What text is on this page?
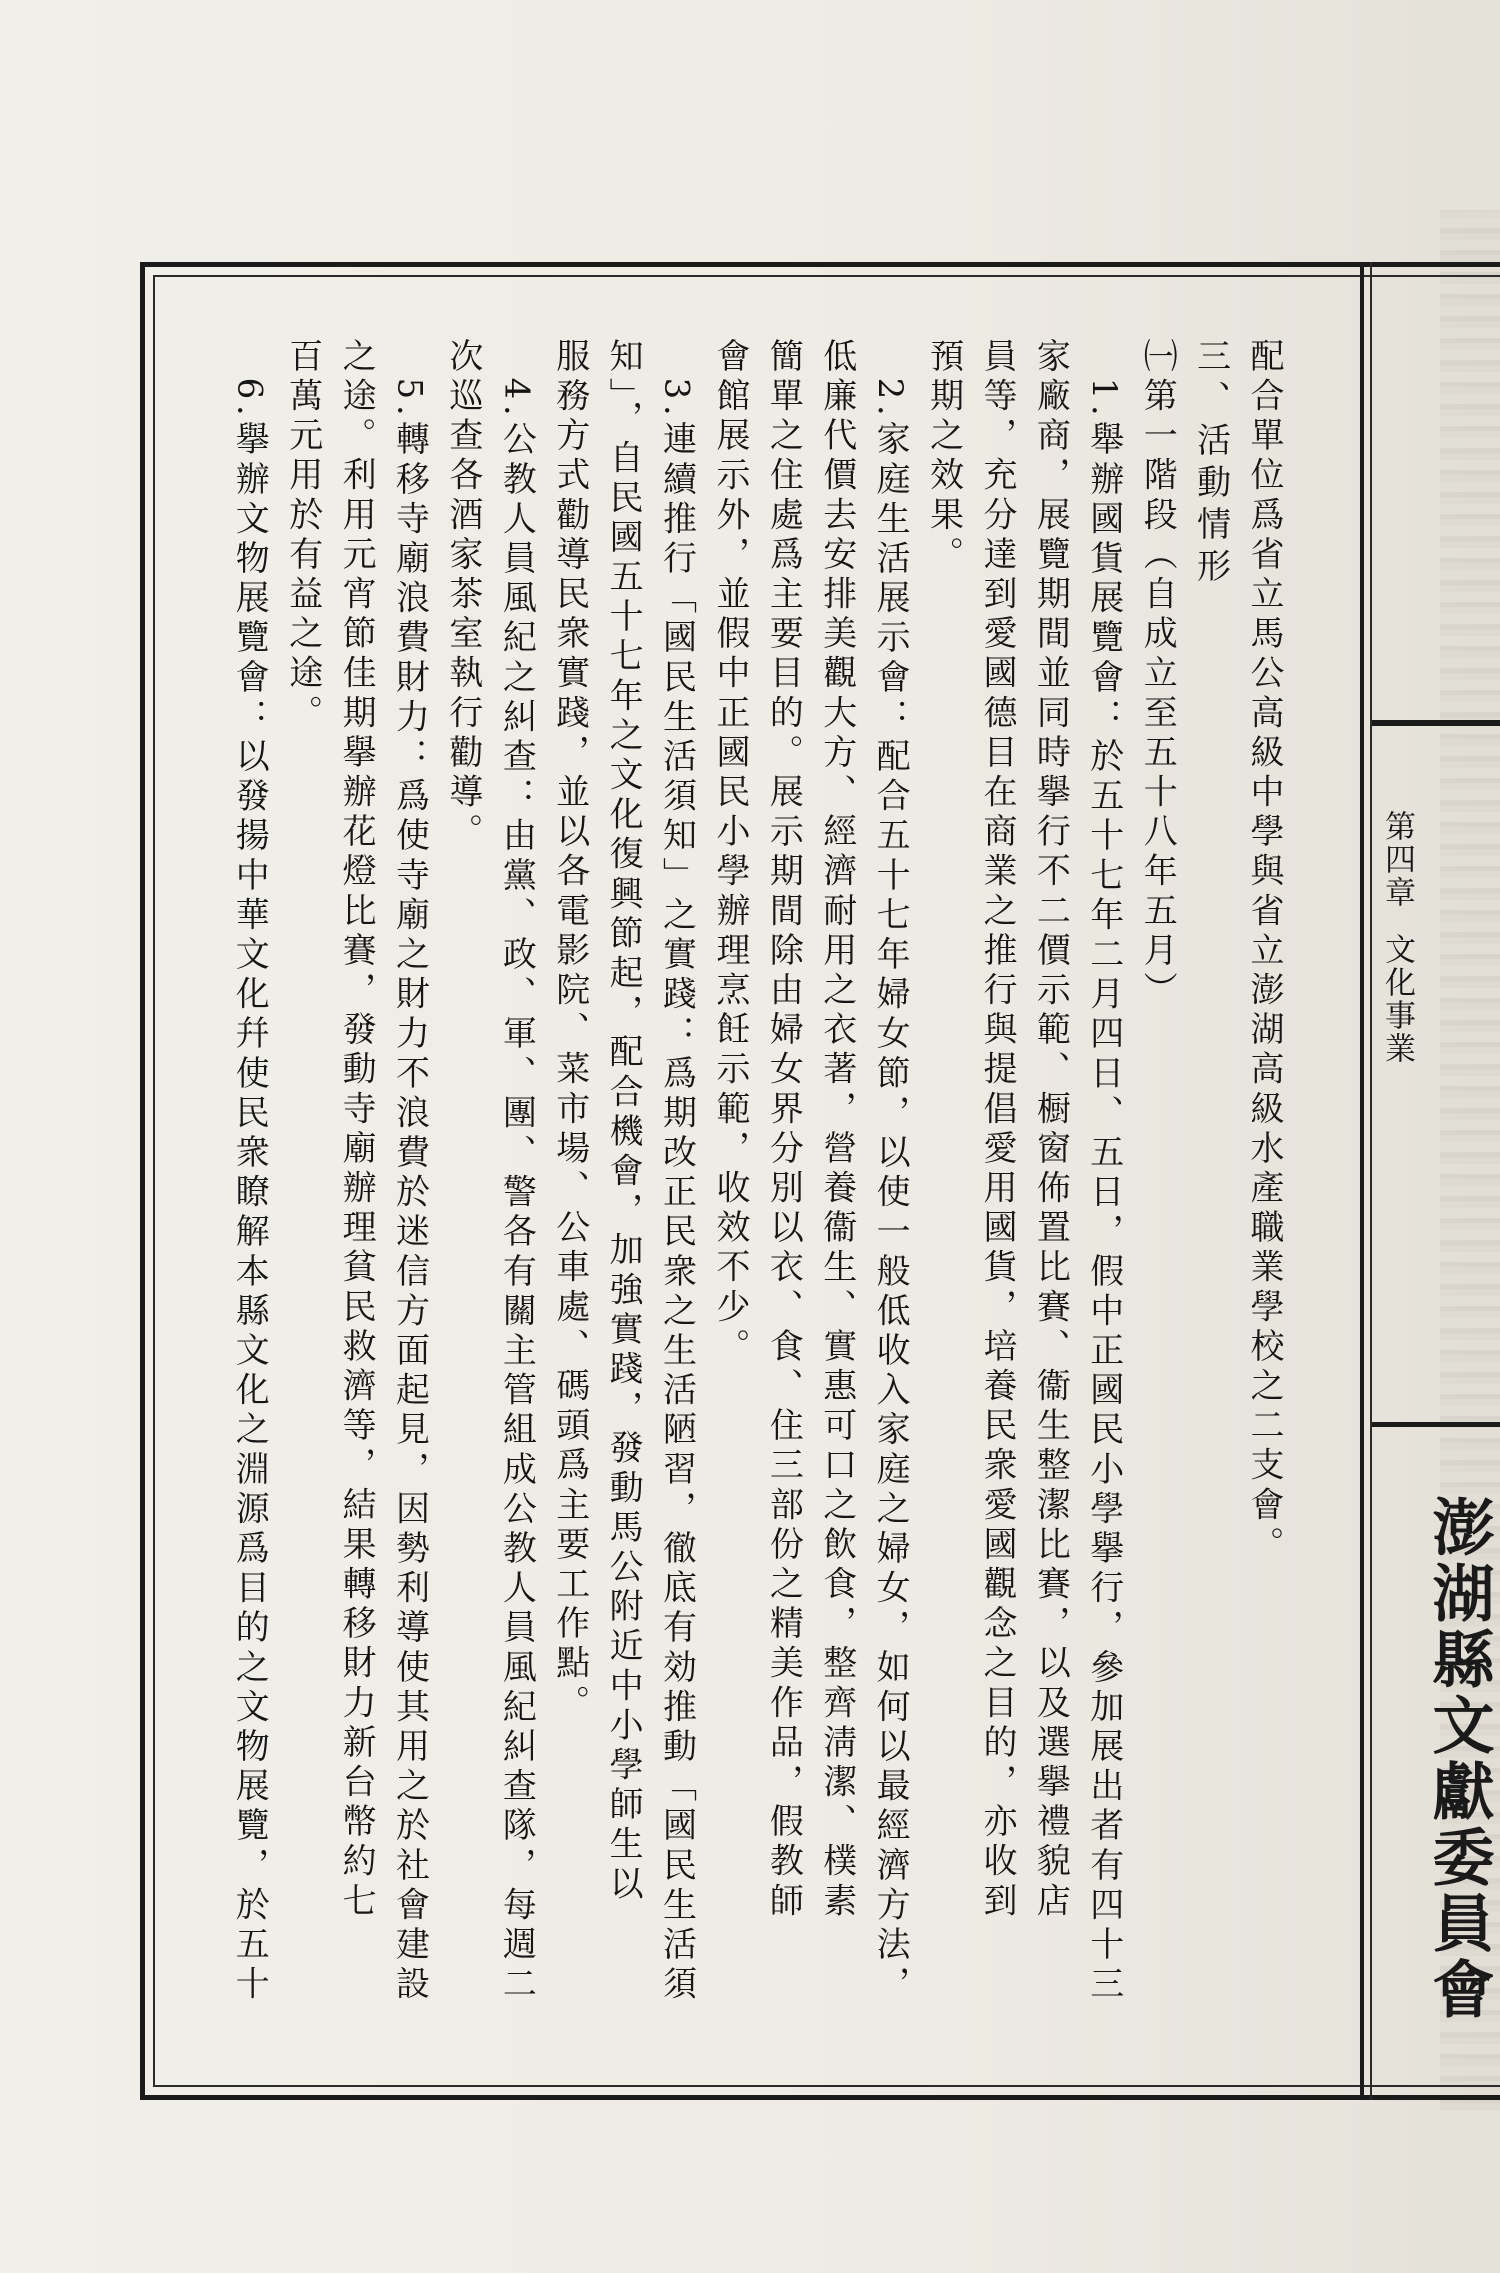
第四章文化事業
澎湖縣文獻委員會
配合單位爲省立馬公高級中學與省立澎湖高級水產職業學校之二支會。
三、活動情形
㈠第一階段（自成立至五十八年五月）
　1.舉辦國貨展覽會：於五十七年二月四日、五日，假中正國民小學擧行，參加展出者有四十三
家廠商，展覽期間並同時擧行不二價示範、橱窗佈置比賽、衞生整潔比賽，以及選擧禮貌店
員等，充分達到愛國德目在商業之推行與提倡愛用國貨，培養民衆愛國觀念之目的，亦收到
預期之效果。
　2.家庭生活展示會：配合五十七年婦女節，以使一般低收入家庭之婦女，如何以最經濟方法，
低廉代價去安排美觀大方、經濟耐用之衣著，營養衞生、實惠可口之飲食，整齊淸潔、樸素
簡單之住處爲主要目的。展示期間除由婦女界分別以衣、食、住三部份之精美作品，假教師
會館展示外，並假中正國民小學辦理烹飪示範，收效不少。
　3.連續推行「國民生活須知」之實踐：爲期改正民衆之生活陋習，徹底有効推動「國民生活須
知」，自民國五十七年之文化復興節起，配合機會，加強實踐，發動馬公附近中小學師生以
服務方式勸導民衆實踐，並以各電影院、菜市場、公車處、碼頭爲主要工作點。
　4.公教人員風紀之糾查：由黨、政、軍、團、警各有關主管組成公教人員風紀糾查隊，每週二
次巡查各酒家茶室執行勸導。
　5.轉移寺廟浪費財力：爲使寺廟之財力不浪費於迷信方面起見，因勢利導使其用之於社會建設
之途。利用元宵節佳期擧辦花燈比賽，發動寺廟辦理貧民救濟等，結果轉移財力新台幣約七
百萬元用於有益之途。
　6.擧辦文物展覽會：以發揚中華文化幷使民衆瞭解本縣文化之淵源爲目的之文物展覽，於五十
